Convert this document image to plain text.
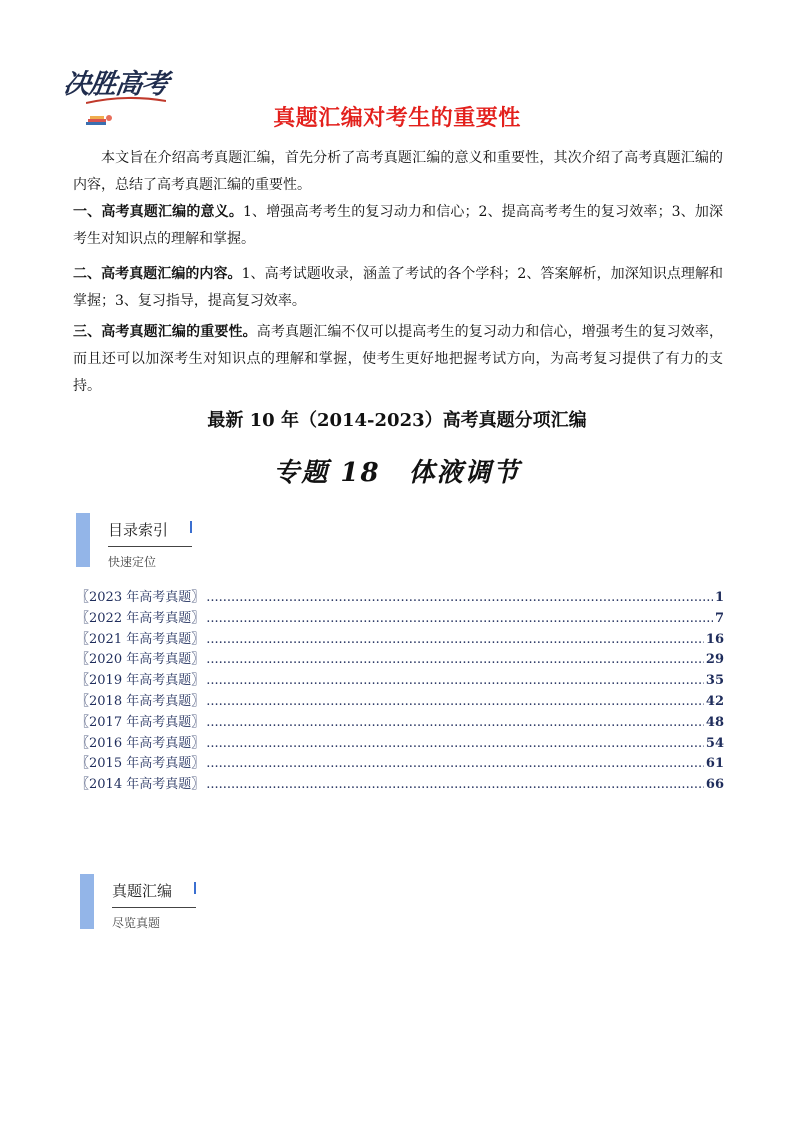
决胜高考
真题汇编对考生的重要性
本文旨在介绍高考真题汇编，首先分析了高考真题汇编的意义和重要性，其次介绍了高考真题汇编的内容，总结了高考真题汇编的重要性。
一、高考真题汇编的意义。1、增强高考考生的复习动力和信心；2、提高高考考生的复习效率；3、加深考生对知识点的理解和掌握。
二、高考真题汇编的内容。1、高考试题收录，涵盖了考试的各个学科；2、答案解析，加深知识点理解和掌握；3、复习指导，提高复习效率。
三、高考真题汇编的重要性。高考真题汇编不仅可以提高考生的复习动力和信心，增强考生的复习效率，而且还可以加深考生对知识点的理解和掌握，使考生更好地把握考试方向，为高考复习提供了有力的支持。
最新 10 年（2014-2023）高考真题分项汇编
专题 18　体液调节
目录索引
快速定位
〖2023 年高考真题〗 .....	1
〖2022 年高考真题〗 .....	7
〖2021 年高考真题〗 .....	16
〖2020 年高考真题〗 .....	29
〖2019 年高考真题〗 .....	35
〖2018 年高考真题〗 .....	42
〖2017 年高考真题〗 .....	48
〖2016 年高考真题〗 .....	54
〖2015 年高考真题〗 .....	61
〖2014 年高考真题〗 .....	66
真题汇编
尽览真题
